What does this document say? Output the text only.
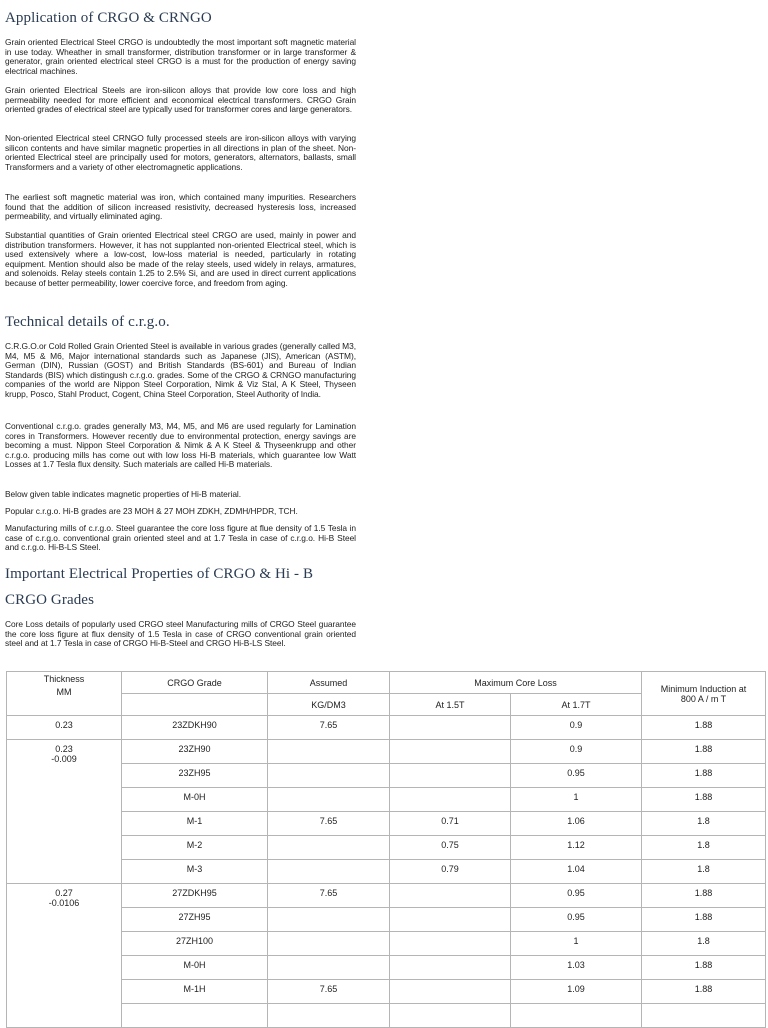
Application of CRGO & CRNGO

Grain oriented Electrical Steel CRGO is undoubtedly the most important soft magnetic material in use today. Wheather in small transformer, distribution transformer or in large transformer & generator, grain oriented electrical steel CRGO is a must for the production of energy saving electrical machines.

Grain oriented Electrical Steels are iron-silicon alloys that provide low core loss and high permeability needed for more efficient and economical electrical transformers. CRGO Grain oriented grades of electrical steel are typically used for transformer cores and large generators.

Non-oriented Electrical steel CRNGO fully processed steels are iron-silicon alloys with varying silicon contents and have similar magnetic properties in all directions in plan of the sheet. Non-oriented Electrical steel are principally used for motors, generators, alternators, ballasts, small Transformers and a variety of other electromagnetic applications.

The earliest soft magnetic material was iron, which contained many impurities. Researchers found that the addition of silicon increased resistivity, decreased hysteresis loss, increased permeability, and virtually eliminated aging.

Substantial quantities of Grain oriented Electrical steel CRGO are used, mainly in power and distribution transformers. However, it has not supplanted non-oriented Electrical steel, which is used extensively where a low-cost, low-loss material is needed, particularly in rotating equipment. Mention should also be made of the relay steels, used widely in relays, armatures, and solenoids. Relay steels contain 1.25 to 2.5% Si, and are used in direct current applications because of better permeability, lower coercive force, and freedom from aging.

Technical details of c.r.g.o.

C.R.G.O.or Cold Rolled Grain Oriented Steel is available in various grades (generally called M3, M4, M5 & M6, Major international standards such as Japanese (JIS), American (ASTM), German (DIN), Russian (GOST) and British Standards (BS-601) and Bureau of Indian Standards (BIS) which distingush c.r.g.o. grades. Some of the CRGO & CRNGO manufacturing companies of the world are Nippon Steel Corporation, Nimk & Viz Stal, A K Steel, Thyseen krupp, Posco, Stahl Product, Cogent, China Steel Corporation, Steel Authority of India.

Conventional c.r.g.o. grades generally M3, M4, M5, and M6 are used regularly for Lamination cores in Transformers. However recently due to environmental protection, energy savings are becoming a must. Nippon Steel Corporation & Nimk & A K Steel & Thyseenkrupp and other c.r.g.o. producing mills has come out with low loss Hi-B materials, which guarantee low Watt Losses at 1.7 Tesla flux density. Such materials are called Hi-B materials.

Below given table indicates magnetic properties of Hi-B material.

Popular c.r.g.o. Hi-B grades are 23 MOH & 27 MOH ZDKH, ZDMH/HPDR, TCH.

Manufacturing mills of c.r.g.o. Steel guarantee the core loss figure at flue density of 1.5 Tesla in case of c.r.g.o. conventional grain oriented steel and at 1.7 Tesla in case of c.r.g.o. Hi-B Steel and c.r.g.o. Hi-B-LS Steel.

Important Electrical Properties of CRGO & Hi - B
CRGO Grades

Core Loss details of popularly used CRGO steel Manufacturing mills of CRGO Steel guarantee the core loss figure at flux density of 1.5 Tesla in case of CRGO conventional grain oriented steel and at 1.7 Tesla in case of CRGO Hi-B-Steel and CRGO Hi-B-LS Steel.

Thickness
MM	CRGO Grade	Assumed	Maximum Core Loss		Minimum Induction at 800 A / m T
		KG/DM3	At 1.5T	At 1.7T	
0.23	23ZDKH90	7.65		0.9	1.88

0.23
-0.009	23ZH90			0.9	1.88
	23ZH95			0.95	1.88
	M-0H			1	1.88
	M-1	7.65	0.71	1.06	1.8
	M-2		0.75	1.12	1.8
	M-3		0.79	1.04	1.8

0.27
-0.0106	27ZDKH95	7.65		0.95	1.88
	27ZH95			0.95	1.88
	27ZH100			1	1.8
	M-0H			1.03	1.88
	M-1H	7.65		1.09	1.88
